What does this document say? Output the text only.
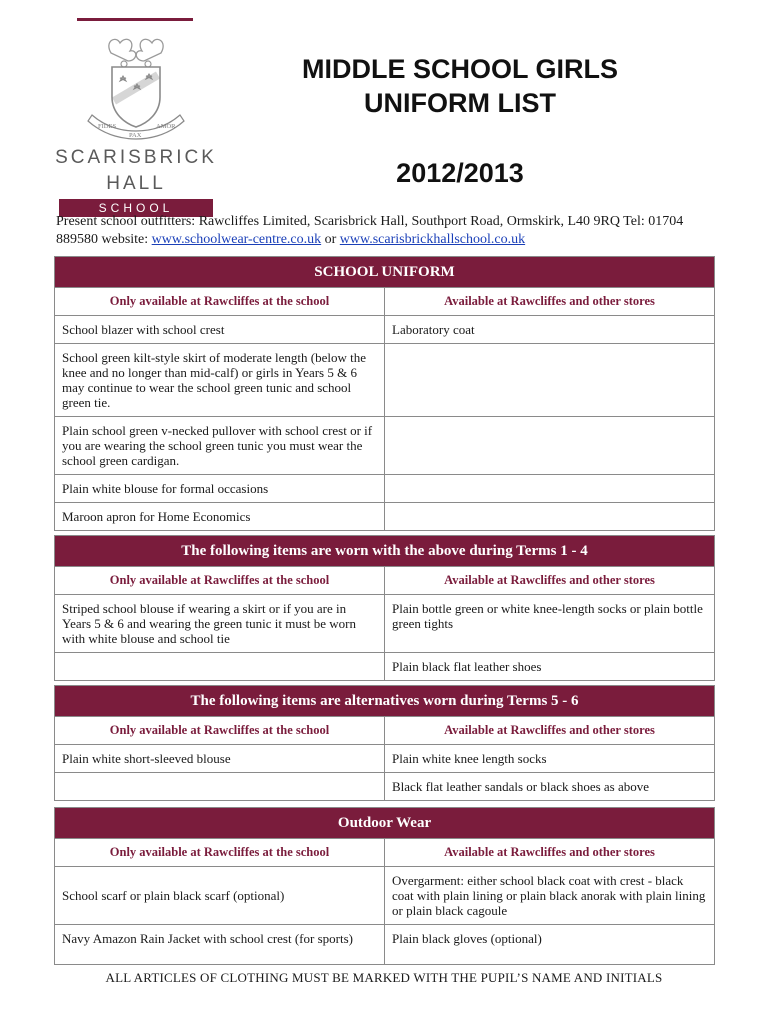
FIDES
PAX
AMOR
SCARISBRICK
HALL
SCHOOL
MIDDLE SCHOOL GIRLS
UNIFORM LIST
2012/2013
Present school outfitters: Rawcliffes Limited, Scarisbrick Hall, Southport Road, Ormskirk, L40 9RQ Tel: 01704 889580 website: www.schoolwear-centre.co.uk or www.scarisbrickhallschool.co.uk
SCHOOL UNIFORM	
Only available at Rawcliffes at the school	Available at Rawcliffes and other stores
School blazer with school crest	Laboratory coat
School green kilt-style skirt of moderate length (below the knee and no longer than mid-calf) or girls in Years 5 & 6 may continue to wear the school green tunic and school green tie.	
Plain school green v-necked pullover with school crest or if you are wearing the school green tunic you must wear the school green cardigan.	
Plain white blouse for formal occasions	
Maroon apron for Home Economics	
The following items are worn with the above during Terms 1 - 4	
Only available at Rawcliffes at the school	Available at Rawcliffes and other stores
Striped school blouse if wearing a skirt or if you are in Years 5 & 6 and wearing the green tunic it must be worn with white blouse and school tie	Plain bottle green or white knee-length socks or plain bottle green tights
	Plain black flat leather shoes
The following items are alternatives worn during Terms 5 - 6	
Only available at Rawcliffes at the school	Available at Rawcliffes and other stores
Plain white short-sleeved blouse	Plain white knee length socks
	Black flat leather sandals or black shoes as above
Outdoor Wear	
Only available at Rawcliffes at the school	Available at Rawcliffes and other stores
School scarf or plain black scarf (optional)	Overgarment: either school black coat with crest - black coat with plain lining or plain black anorak with plain lining or plain black cagoule
Navy Amazon Rain Jacket with school crest (for sports)	Plain black gloves (optional)
ALL ARTICLES OF CLOTHING MUST BE MARKED WITH THE PUPIL’S NAME AND INITIALS
